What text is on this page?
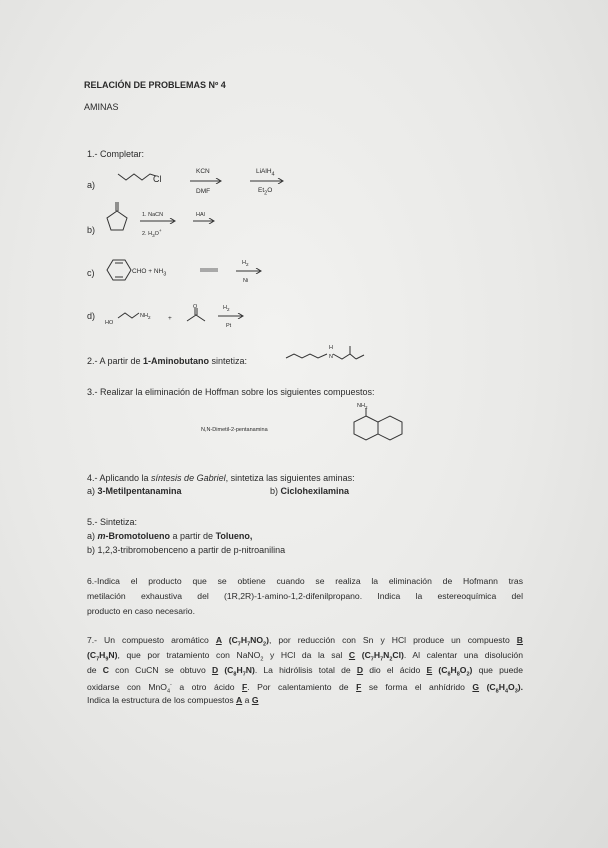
RELACIÓN DE PROBLEMAS Nº 4
AMINAS
1.- Completar:
a)
Cl
KCN
DMF
LiAlH$_4$
$Et_2O$
b)
1. NaCN
2. $H_3O^+$
HAl
c)	CHO + $NH_3$
$H_2$
Ni
d)
HO
$NH_2$	+
O	$H_2$
Pt
2.- A partir de 1-Aminobutano sintetiza:
H
N
3.- Realizar la eliminación de Hoffman sobre los siguientes compuestos:
N,N-Dimetil-2-pentanamina
$NH_2$
4.- Aplicando la síntesis de Gabriel, sintetiza las siguientes aminas:
a) 3-Metilpentanamina	b) Ciclohexilamina
5.- Sintetiza:
a) m-Bromotolueno a partir de Tolueno,
b) 1,2,3-tribromobenceno a partir de p-nitroanilina
6.-Indica el producto que se obtiene cuando se realiza la eliminación de Hofmann tras
metilación exhaustiva del (1R,2R)-1-amino-1,2-difenilpropano. Indica la estereoquímica del
producto en caso necesario.
7.- Un compuesto aromático A $(C_7H_7NO_2)$, por reducción con Sn y HCl produce un compuesto B
$(C_7H_9N)$, que por tratamiento con NaNO$_2$ y HCl da la sal C $(C_7H_7N_2Cl)$. Al calentar una disolución
de C con CuCN se obtuvo D $(C_8H_7N)$. La hidrólisis total de D dio el ácido E $(C_8H_8O_2)$ que puede
oxidarse con MnO$_4$- a otro ácido F. Por calentamiento de F se forma el anhídrido G $(C_8H_4O_3)$.
Indica la estructura de los compuestos A a G
